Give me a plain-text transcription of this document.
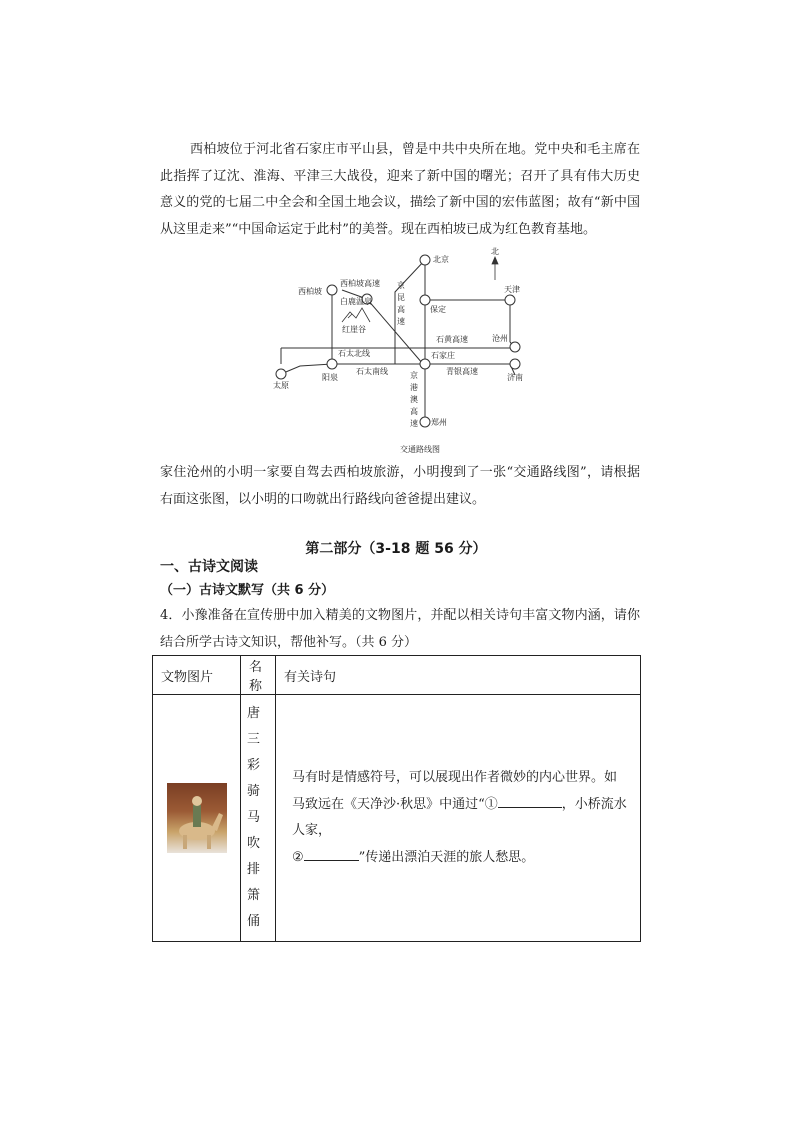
西柏坡位于河北省石家庄市平山县，曾是中共中央所在地。党中央和毛主席在此指挥了辽沈、淮海、平津三大战役，迎来了新中国的曙光；召开了具有伟大历史意义的党的七届二中全会和全国土地会议，描绘了新中国的宏伟蓝图；故有“新中国从这里走来”“中国命运定于此村”的美誉。现在西柏坡已成为红色教育基地。

北
北京
天津
西柏坡
白鹿温泉
红崖谷
保定
沧州
石家庄
太原
阳泉	济南
郑州
西柏坡高速
石太北线
石太南线
石黄高速
青银高速
京
昆
高
速
京
港
澳
高
速
交通路线图

家住沧州的小明一家要自驾去西柏坡旅游，小明搜到了一张“交通路线图”，请根据右面这张图，以小明的口吻就出行路线向爸爸提出建议。

第二部分（3-18 题 56 分）
一、古诗文阅读
（一）古诗文默写（共 6 分）

4．小豫准备在宣传册中加入精美的文物图片，并配以相关诗句丰富文物内涵，请你结合所学古诗文知识，帮他补写。（共 6 分）

文物图片	名称	有关诗句
	唐三彩骑马吹排箫俑	马有时是情感符号，可以展现出作者微妙的内心世界。如马致远在《天净沙·秋思》中通过“① ，小桥流水人家，
② ”传递出漂泊天涯的旅人愁思。
